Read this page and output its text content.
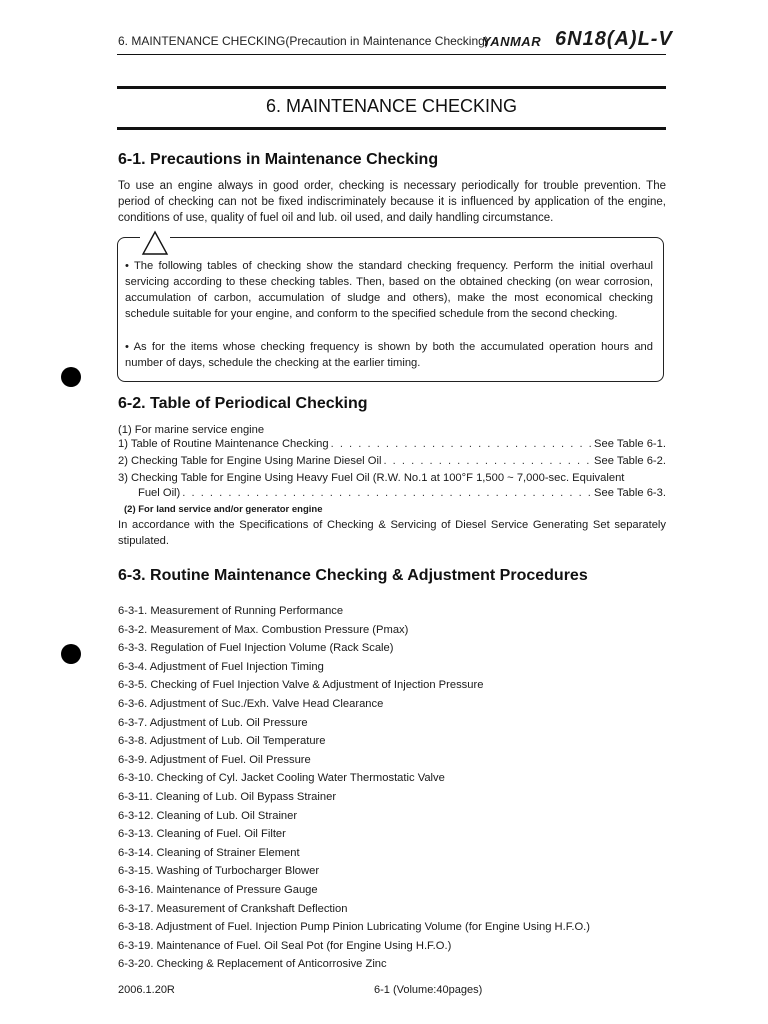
6. MAINTENANCE CHECKING(Precaution in Maintenance Checking)
YANMAR 6N18(A)L-V
6. MAINTENANCE CHECKING
6-1. Precautions in Maintenance Checking
To use an engine always in good order, checking is necessary periodically for trouble prevention. The period of checking can not be fixed indiscriminately because it is influenced by application of the engine, conditions of use, quality of fuel oil and lub. oil used, and daily handling circumstance.
• The following tables of checking show the standard checking frequency. Perform the initial overhaul servicing according to these checking tables. Then, based on the obtained checking (on wear corrosion, accumulation of carbon, accumulation of sludge and others), make the most economical checking schedule suitable for your engine, and conform to the specified schedule from the second checking.
• As for the items whose checking frequency is shown by both the accumulated operation hours and number of days, schedule the checking at the earlier timing.
6-2. Table of Periodical Checking
(1) For marine service engine
1) Table of Routine Maintenance Checking . . .	See Table 6-1.
2) Checking Table for Engine Using Marine Diesel Oil . . .	See Table 6-2.
3) Checking Table for Engine Using Heavy Fuel Oil (R.W. No.1 at 100°F 1,500 ~ 7,000-sec. Equivalent
Fuel Oil) . . .	See Table 6-3.
(2) For land service and/or generator engine
In accordance with the Specifications of Checking & Servicing of Diesel Service Generating Set separately stipulated.
6-3. Routine Maintenance Checking & Adjustment Procedures
6-3-1. Measurement of Running Performance
6-3-2. Measurement of Max. Combustion Pressure (Pmax)
6-3-3. Regulation of Fuel Injection Volume (Rack Scale)
6-3-4. Adjustment of Fuel Injection Timing
6-3-5. Checking of Fuel Injection Valve & Adjustment of Injection Pressure
6-3-6. Adjustment of Suc./Exh. Valve Head Clearance
6-3-7. Adjustment of Lub. Oil Pressure
6-3-8. Adjustment of Lub. Oil Temperature
6-3-9. Adjustment of Fuel. Oil Pressure
6-3-10. Checking of Cyl. Jacket Cooling Water Thermostatic Valve
6-3-11. Cleaning of Lub. Oil Bypass Strainer
6-3-12. Cleaning of Lub. Oil Strainer
6-3-13. Cleaning of Fuel. Oil Filter
6-3-14. Cleaning of Strainer Element
6-3-15. Washing of Turbocharger Blower
6-3-16. Maintenance of Pressure Gauge
6-3-17. Measurement of Crankshaft Deflection
6-3-18. Adjustment of Fuel. Injection Pump Pinion Lubricating Volume (for Engine Using H.F.O.)
6-3-19. Maintenance of Fuel. Oil Seal Pot (for Engine Using H.F.O.)
6-3-20. Checking & Replacement of Anticorrosive Zinc
2006.1.20R	6-1 (Volume:40pages)
